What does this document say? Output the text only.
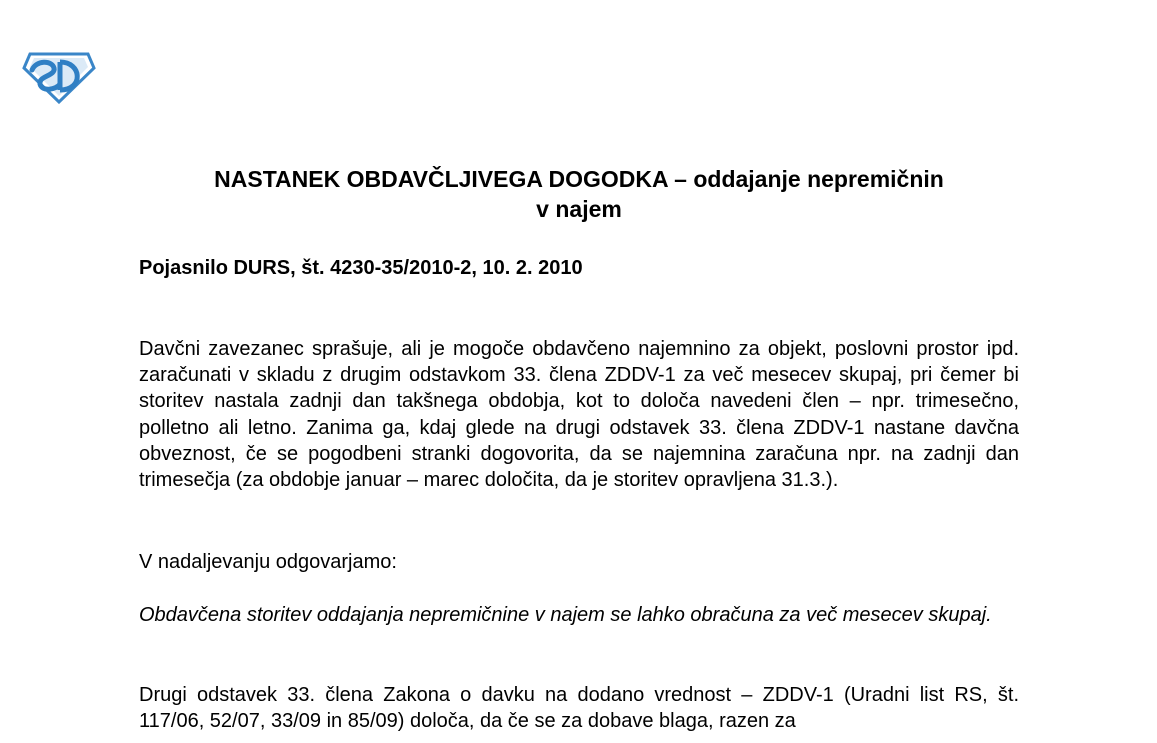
NASTANEK OBDAVČLJIVEGA DOGODKA – oddajanje nepremičnin
v najem

Pojasnilo DURS, št. 4230-35/2010-2, 10. 2. 2010

Davčni zavezanec sprašuje, ali je mogoče obdavčeno najemnino za objekt, poslovni prostor ipd. zaračunati v skladu z drugim odstavkom 33. člena ZDDV-1 za več mesecev skupaj, pri čemer bi storitev nastala zadnji dan takšnega obdobja, kot to določa navedeni člen – npr. trimesečno, polletno ali letno. Zanima ga, kdaj glede na drugi odstavek 33. člena ZDDV-1 nastane davčna obveznost, če se pogodbeni stranki dogovorita, da se najemnina zaračuna npr. na zadnji dan trimesečja (za obdobje januar – marec določita, da je storitev opravljena 31.3.).

V nadaljevanju odgovarjamo:

Obdavčena storitev oddajanja nepremičnine v najem se lahko obračuna za več mesecev skupaj.

Drugi odstavek 33. člena Zakona o davku na dodano vrednost – ZDDV-1 (Uradni list RS, št. 117/06, 52/07, 33/09 in 85/09) določa, da če se za dobave blaga, razen za
